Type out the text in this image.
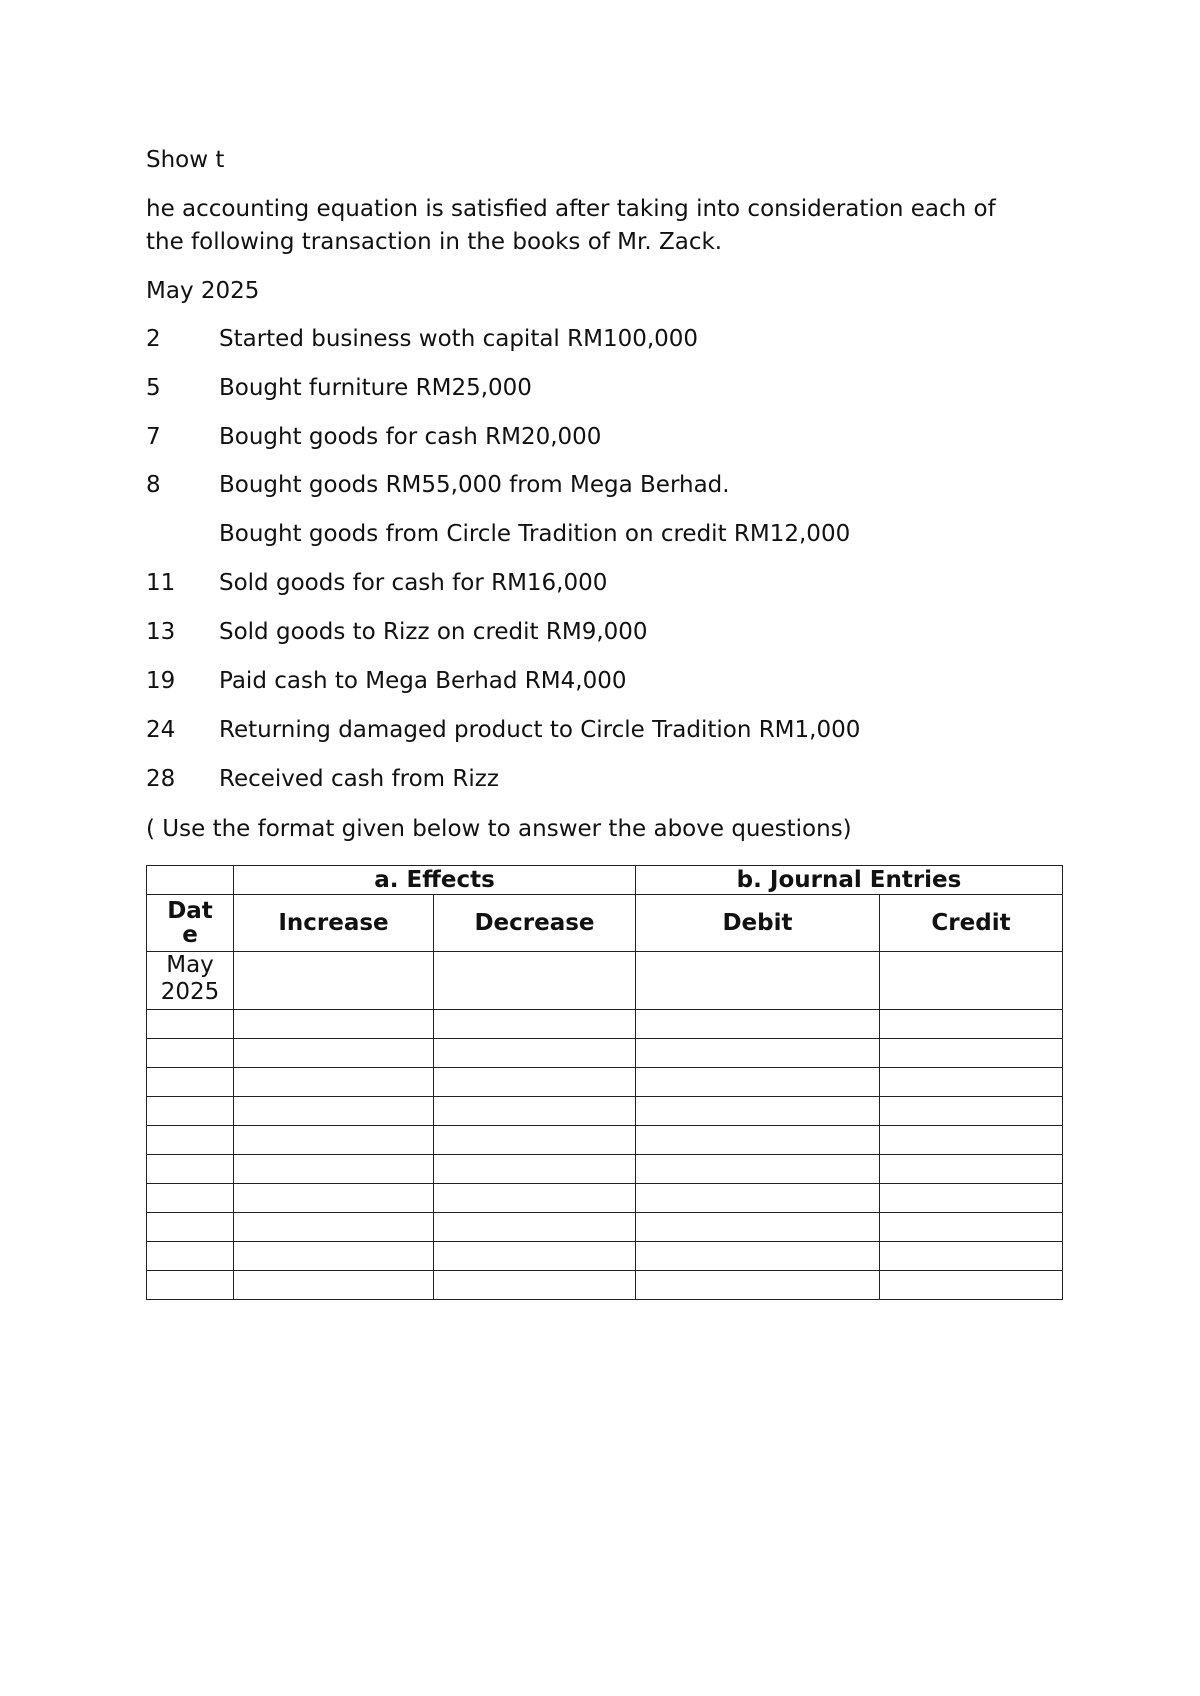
Show t
he accounting equation is satisfied after taking into consideration each of
the following transaction in the books of Mr. Zack.
May 2025
2	Started business woth capital RM100,000
5	Bought furniture RM25,000
7	Bought goods for cash RM20,000
8	Bought goods RM55,000 from Mega Berhad.
Bought goods from Circle Tradition on credit RM12,000
11	Sold goods for cash for RM16,000
13	Sold goods to Rizz on credit RM9,000
19	Paid cash to Mega Berhad RM4,000
24	Returning damaged product to Circle Tradition RM1,000
28	Received cash from Rizz
( Use the format given below to answer the above questions)
	a. Effects		b. Journal Entries	

Dat
e	Increase	Decrease	Debit	Credit

May
2025				
